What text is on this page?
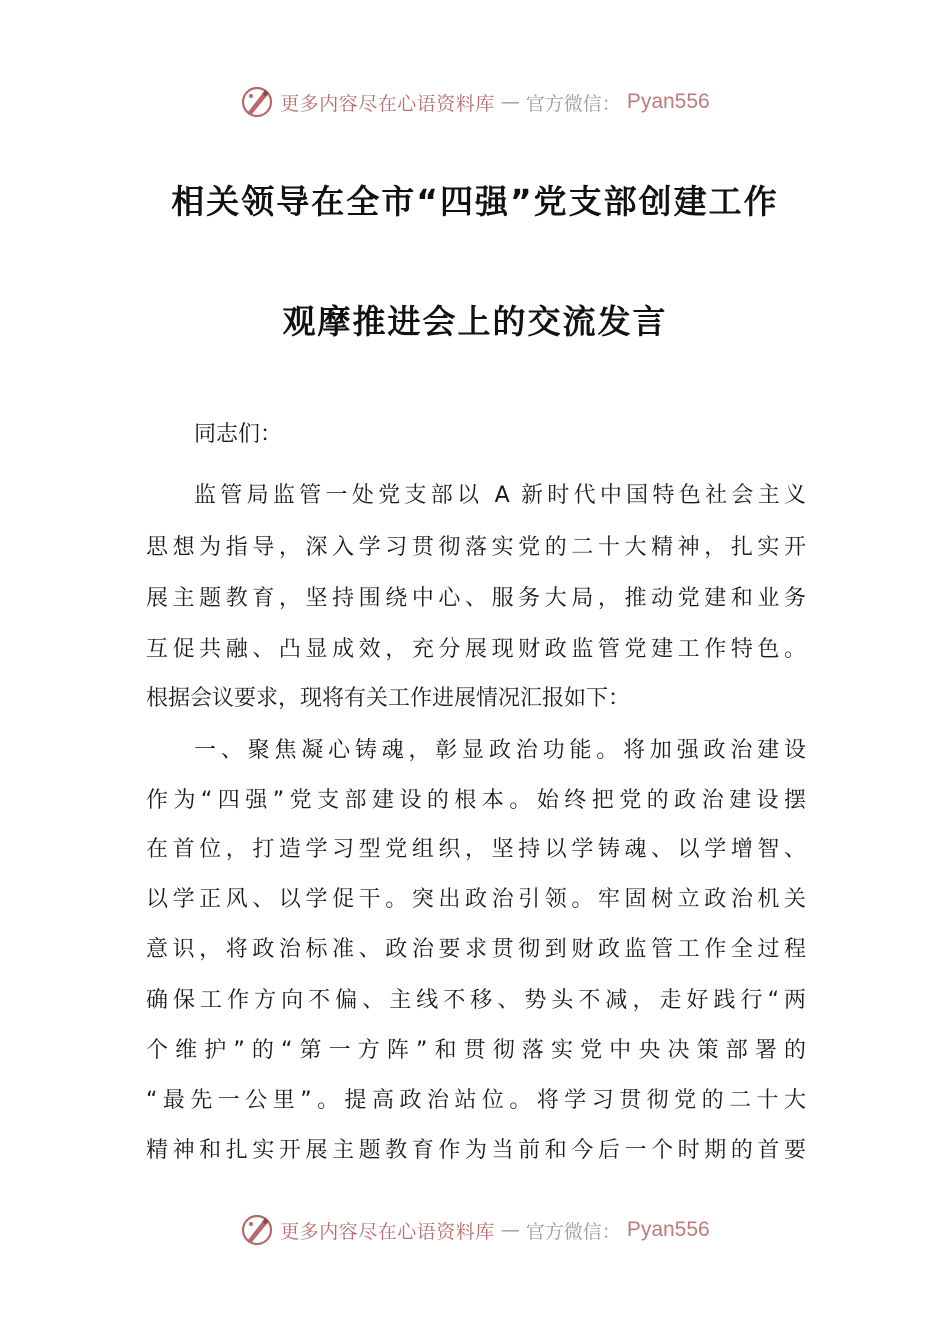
更多内容尽在心语资料库 — 官方微信： Pyan556
相关领导在全市“四强”党支部创建工作
观摩推进会上的交流发言
同志们：
监管局监管一处党支部以 A 新时代中国特色社会主义
思想为指导，深入学习贯彻落实党的二十大精神，扎实开
展主题教育，坚持围绕中心、服务大局，推动党建和业务
互促共融、凸显成效，充分展现财政监管党建工作特色。
根据会议要求，现将有关工作进展情况汇报如下：
一、聚焦凝心铸魂，彰显政治功能。将加强政治建设
作为“四强”党支部建设的根本。始终把党的政治建设摆
在首位，打造学习型党组织，坚持以学铸魂、以学增智、
以学正风、以学促干。突出政治引领。牢固树立政治机关
意识，将政治标准、政治要求贯彻到财政监管工作全过程
确保工作方向不偏、主线不移、势头不减，走好践行“两
个维护”的“第一方阵”和贯彻落实党中央决策部署的
“最先一公里”。提高政治站位。将学习贯彻党的二十大
精神和扎实开展主题教育作为当前和今后一个时期的首要
更多内容尽在心语资料库 — 官方微信： Pyan556
